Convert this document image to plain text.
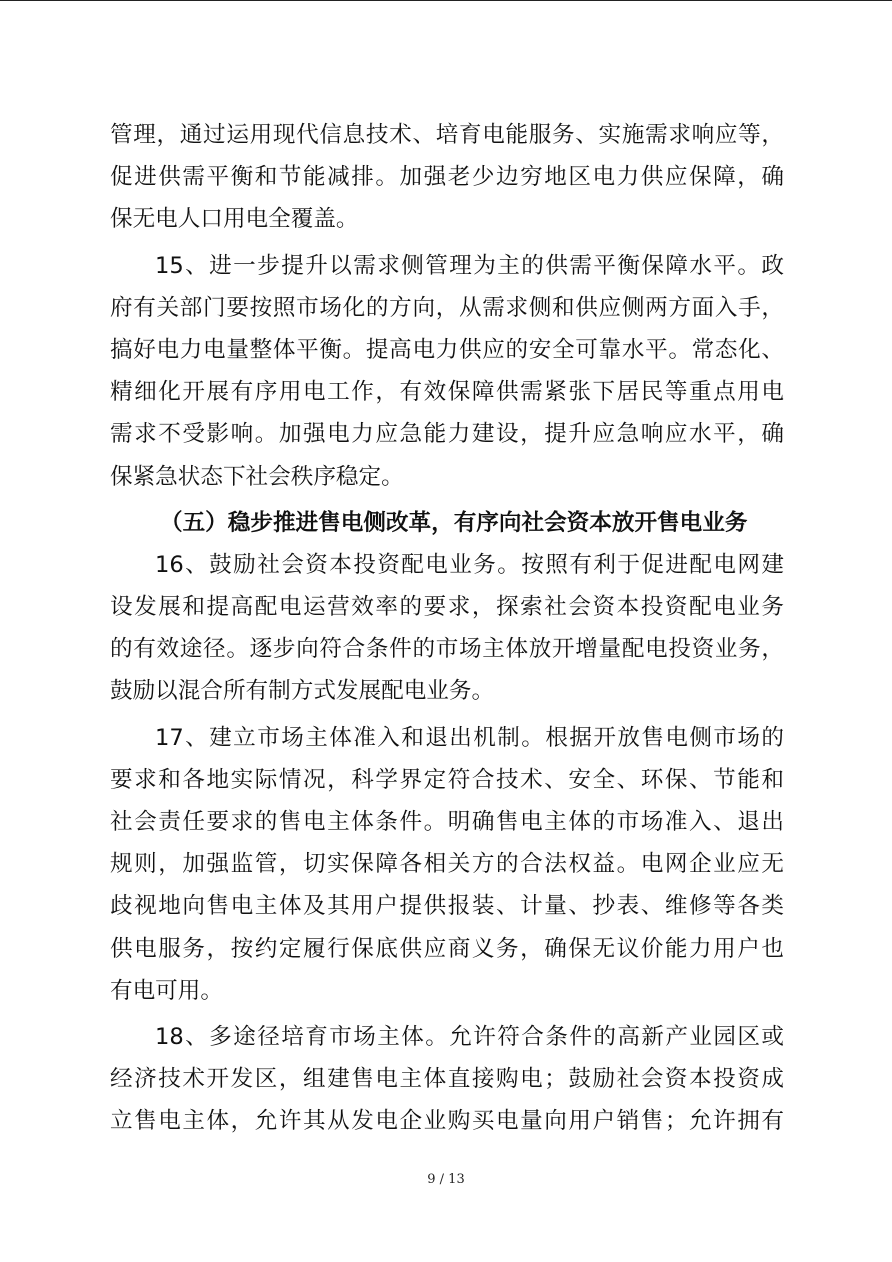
管理，通过运用现代信息技术、培育电能服务、实施需求响应等，
促进供需平衡和节能减排。加强老少边穷地区电力供应保障，确
保无电人口用电全覆盖。
15、进一步提升以需求侧管理为主的供需平衡保障水平。政
府有关部门要按照市场化的方向，从需求侧和供应侧两方面入手，
搞好电力电量整体平衡。提高电力供应的安全可靠水平。常态化、
精细化开展有序用电工作，有效保障供需紧张下居民等重点用电
需求不受影响。加强电力应急能力建设，提升应急响应水平，确
保紧急状态下社会秩序稳定。
（五）稳步推进售电侧改革，有序向社会资本放开售电业务
16、鼓励社会资本投资配电业务。按照有利于促进配电网建
设发展和提高配电运营效率的要求，探索社会资本投资配电业务
的有效途径。逐步向符合条件的市场主体放开增量配电投资业务，
鼓励以混合所有制方式发展配电业务。
17、建立市场主体准入和退出机制。根据开放售电侧市场的
要求和各地实际情况，科学界定符合技术、安全、环保、节能和
社会责任要求的售电主体条件。明确售电主体的市场准入、退出
规则，加强监管，切实保障各相关方的合法权益。电网企业应无
歧视地向售电主体及其用户提供报装、计量、抄表、维修等各类
供电服务，按约定履行保底供应商义务，确保无议价能力用户也
有电可用。
18、多途径培育市场主体。允许符合条件的高新产业园区或
经济技术开发区，组建售电主体直接购电；鼓励社会资本投资成
立售电主体，允许其从发电企业购买电量向用户销售；允许拥有
9 / 13
